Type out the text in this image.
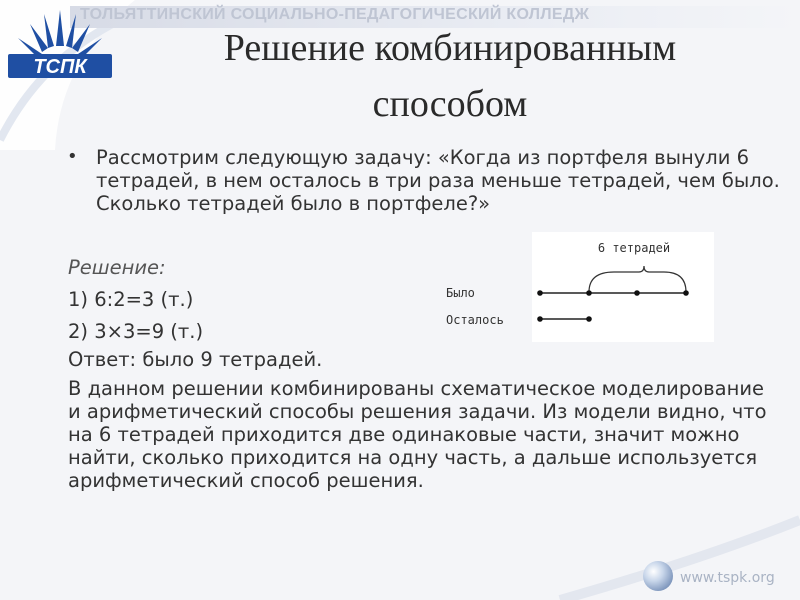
ТОЛЬЯТТИНСКИЙ СОЦИАЛЬНО-ПЕДАГОГИЧЕСКИЙ КОЛЛЕДЖ
ТСПК	Решение комбинированным
способом
• Рассмотрим следующую задачу: «Когда из портфеля вынули 6 тетрадей, в нем осталось в три раза меньше тетрадей, чем было. Сколько тетрадей было в портфеле?»
Решение:
1) 6:2=3 (т.)
2) 3×3=9 (т.)
Ответ: было 9 тетрадей.
6 тетрадей
Было
Осталось
В данном решении комбинированы схематическое моделирование и арифметический способы решения задачи. Из модели видно, что на 6 тетрадей приходится две одинаковые части, значит можно найти, сколько приходится на одну часть, а дальше используется арифметический способ решения.
www.tspk.org
